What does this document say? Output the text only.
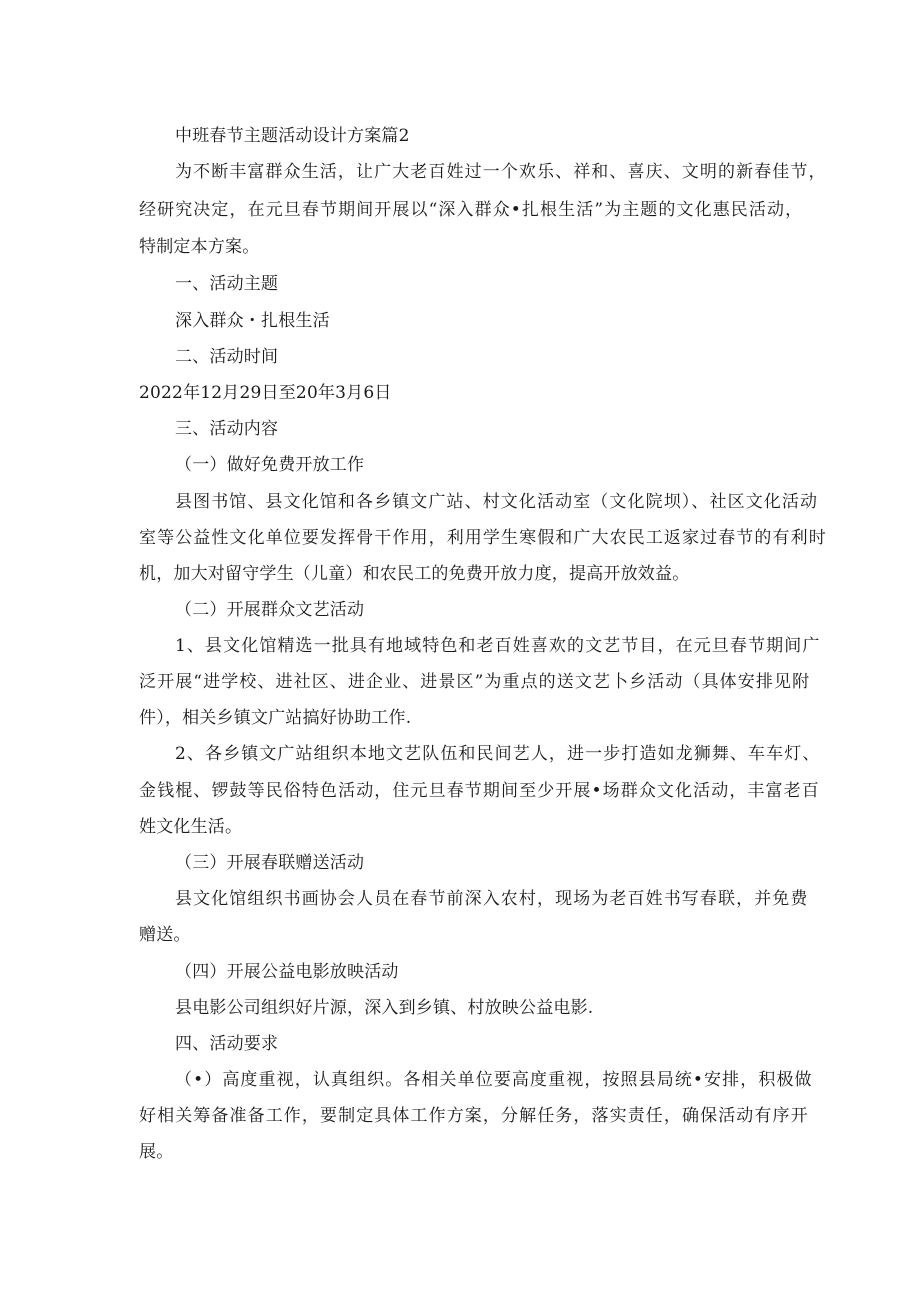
中班春节主题活动设计方案篇2
为不断丰富群众生活，让广大老百姓过一个欢乐、祥和、喜庆、文明的新春佳节，
经研究决定，在元旦春节期间开展以“深入群众•扎根生活”为主题的文化惠民活动，
特制定本方案。
一、活动主题
深入群众・扎根生活
二、活动时间
2022年12月29日至20年3月6日
三、活动内容
（一）做好免费开放工作
县图书馆、县文化馆和各乡镇文广站、村文化活动室（文化院坝）、社区文化活动
室等公益性文化单位要发挥骨干作用，利用学生寒假和广大农民工返家过春节的有利时
机，加大对留守学生（儿童）和农民工的免费开放力度，提高开放效益。
（二）开展群众文艺活动
1、县文化馆精选一批具有地域特色和老百姓喜欢的文艺节目，在元旦春节期间广
泛开展“进学校、进社区、进企业、进景区”为重点的送文艺卜乡活动（具体安排见附
件），相关乡镇文广站搞好协助工作.
2、各乡镇文广站组织本地文艺队伍和民间艺人，进一步打造如龙狮舞、车车灯、
金钱棍、锣鼓等民俗特色活动，住元旦春节期间至少开展•场群众文化活动，丰富老百
姓文化生活。
（三）开展春联赠送活动
县文化馆组织书画协会人员在春节前深入农村，现场为老百姓书写春联，并免费
赠送。
（四）开展公益电影放映活动
县电影公司组织好片源，深入到乡镇、村放映公益电影.
四、活动要求
（•）高度重视，认真组织。各相关单位要高度重视，按照县局统•安排，积极做
好相关筹备准备工作，要制定具体工作方案，分解任务，落实责任，确保活动有序开
展。
